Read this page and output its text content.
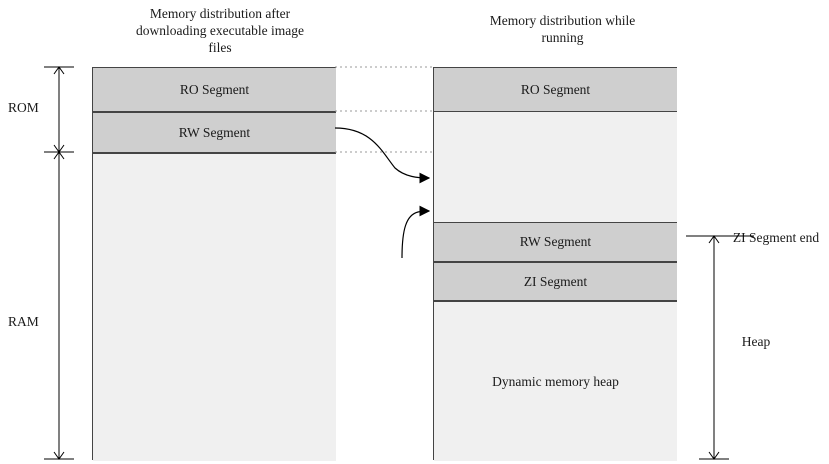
Memory distribution after downloading executable image files
Memory distribution while running
RO Segment
RW Segment
RO Segment
RW Segment
ZI Segment
Dynamic memory heap
ROM
RAM
ZI Segment end
Heap
